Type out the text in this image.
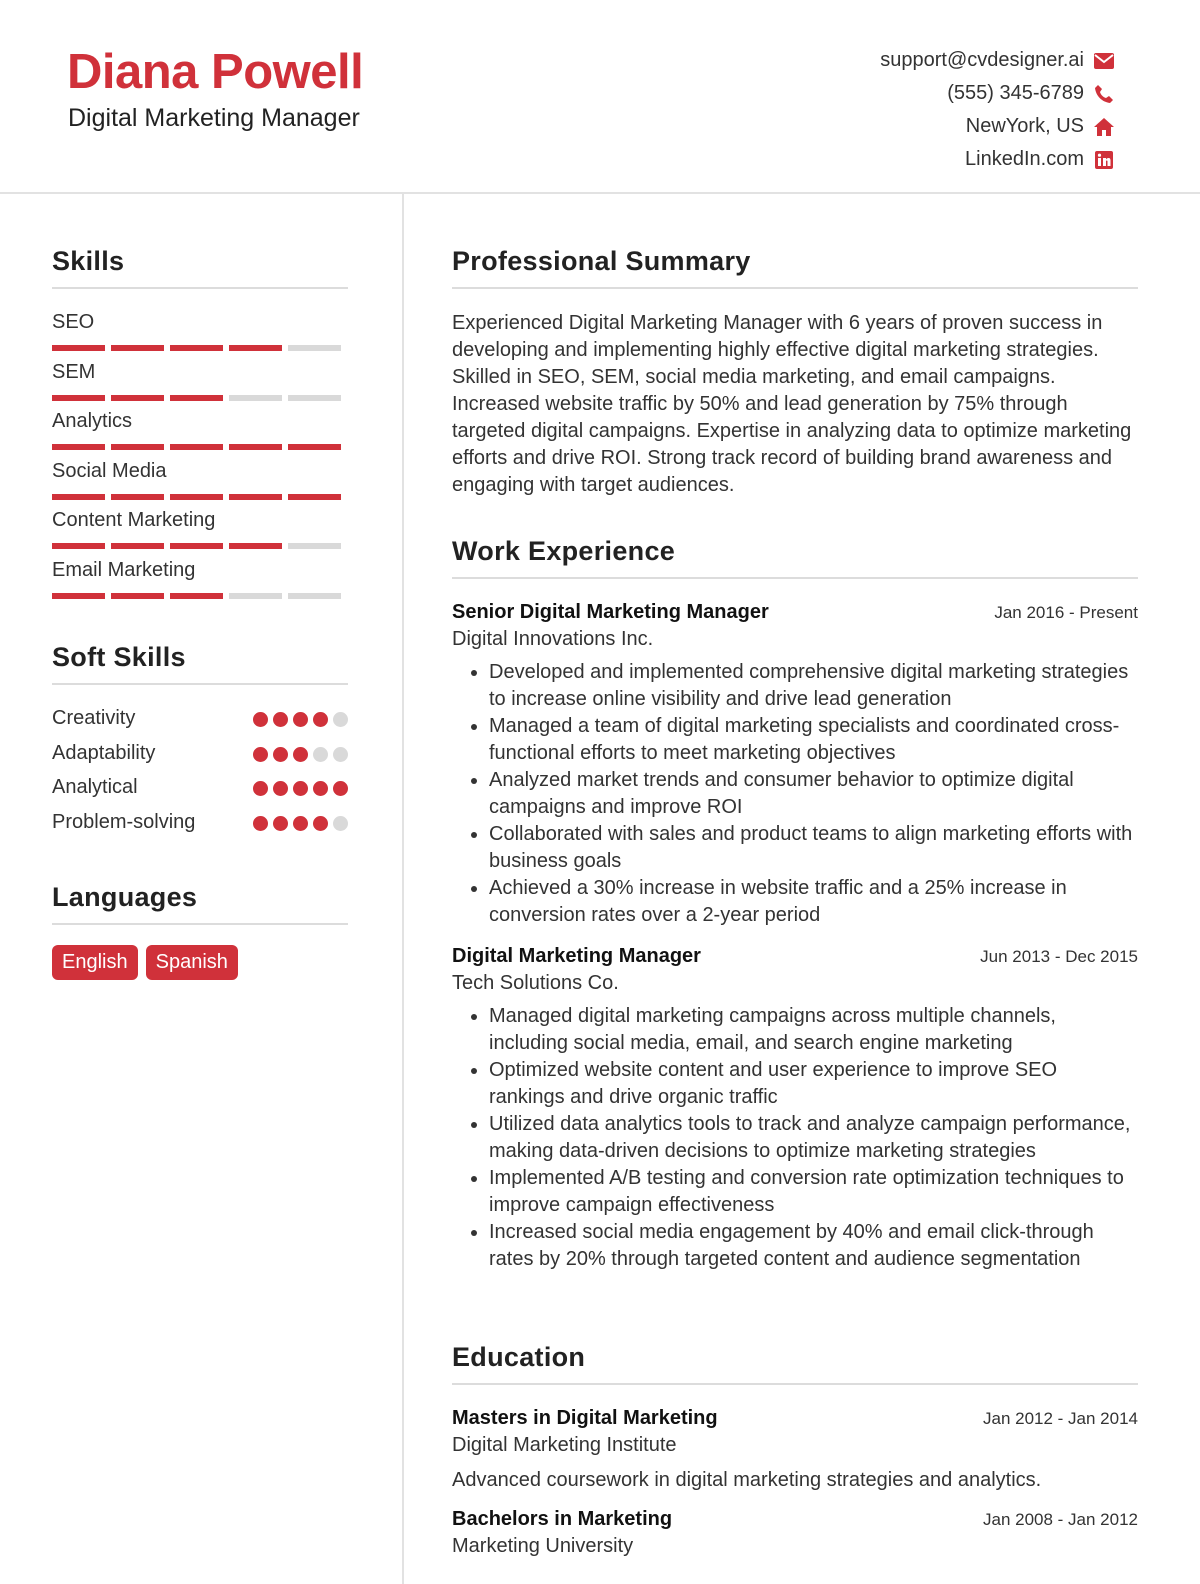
Diana Powell
Digital Marketing Manager
support@cvdesigner.ai
(555) 345-6789
NewYork, US
LinkedIn.com
Skills
SEO
SEM
Analytics
Social Media
Content Marketing
Email Marketing
Soft Skills
Creativity
Adaptability
Analytical
Problem-solving
Languages
English	Spanish
Professional Summary

Experienced Digital Marketing Manager with 6 years of proven success in developing and implementing highly effective digital marketing strategies. Skilled in SEO, SEM, social media marketing, and email campaigns. Increased website traffic by 50% and lead generation by 75% through targeted digital campaigns. Expertise in analyzing data to optimize marketing efforts and drive ROI. Strong track record of building brand awareness and engaging with target audiences.

Work Experience
Senior Digital Marketing Manager	Jan 2016 - Present
Digital Innovations Inc.
• Developed and implemented comprehensive digital marketing strategies to increase online visibility and drive lead generation
• Managed a team of digital marketing specialists and coordinated cross-functional efforts to meet marketing objectives
• Analyzed market trends and consumer behavior to optimize digital campaigns and improve ROI
• Collaborated with sales and product teams to align marketing efforts with business goals
• Achieved a 30% increase in website traffic and a 25% increase in conversion rates over a 2-year period
Digital Marketing Manager	Jun 2013 - Dec 2015
Tech Solutions Co.
• Managed digital marketing campaigns across multiple channels, including social media, email, and search engine marketing
• Optimized website content and user experience to improve SEO rankings and drive organic traffic
• Utilized data analytics tools to track and analyze campaign performance, making data-driven decisions to optimize marketing strategies
• Implemented A/B testing and conversion rate optimization techniques to improve campaign effectiveness
• Increased social media engagement by 40% and email click-through rates by 20% through targeted content and audience segmentation
Education
Masters in Digital Marketing	Jan 2012 - Jan 2014
Digital Marketing Institute

Advanced coursework in digital marketing strategies and analytics.

Bachelors in Marketing	Jan 2008 - Jan 2012
Marketing University
